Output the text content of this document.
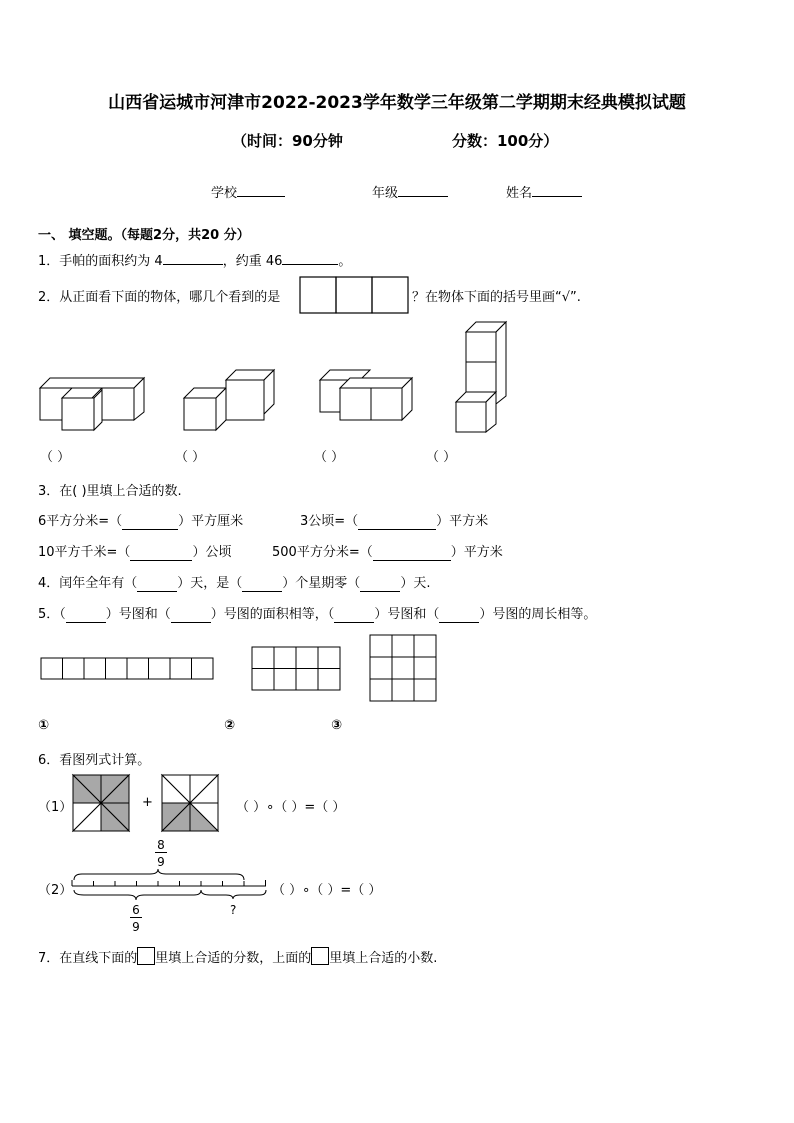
山西省运城市河津市2022-2023学年数学三年级第二学期期末经典模拟试题
（时间：90分钟	分数：100分）
学校	年级	姓名
一、 填空题。（每题2分，共20 分）
1．手帕的面积约为 4	，约重 46	。
2．从正面看下面的物体，哪几个看到的是	？在物体下面的括号里画“√”.
（ ）	（ ）	（ ）	（ ）
3．在( )里填上合适的数.
6平方分米=（	）平方厘米	3公顷=（	）平方米
10平方千米=（	）公顷	500平方分米=（	）平方米
4．闰年全年有（	）天，是（	）个星期零（	）天.
5．（	）号图和（	）号图的面积相等，（	）号图和（	）号图的周长相等。
①	②	③
6．看图列式计算。
（1）	+	（ ）∘（ ）=（ ）
8
9
（2）	（ ）∘（ ）=（ ）
6
9
?
7．在直线下面的 里填上合适的分数，上面的 里填上合适的小数.
